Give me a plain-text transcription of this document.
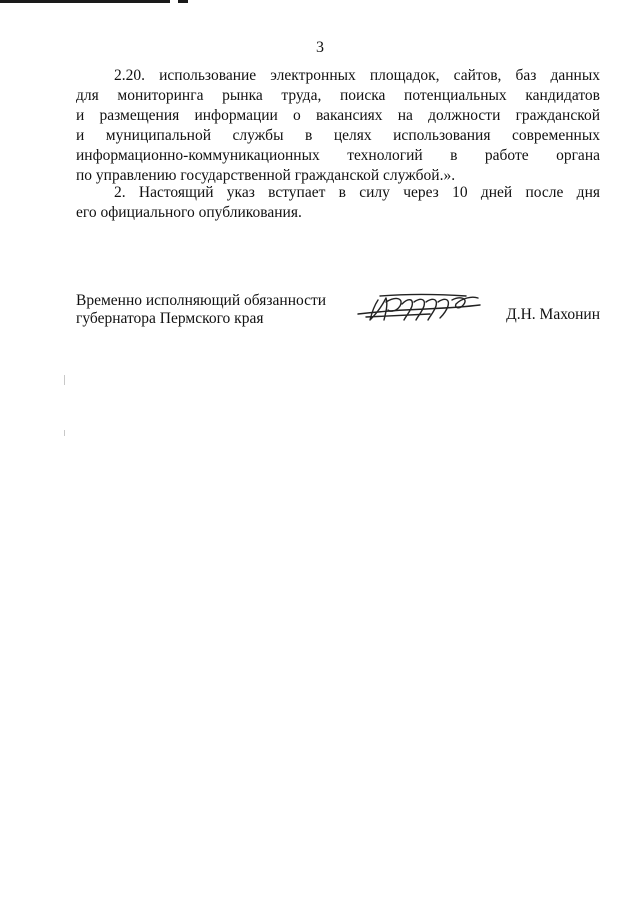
3
2.20. использование электронных площадок, сайтов, баз данных
для мониторинга рынка труда, поиска потенциальных кандидатов
и размещения информации о вакансиях на должности гражданской
и муниципальной службы в целях использования современных
информационно-коммуникационных технологий в работе органа
по управлению государственной гражданской службой.».
2. Настоящий указ вступает в силу через 10 дней после дня
его официального опубликования.
Временно исполняющий обязанности
губернатора Пермского края	Д.Н. Махонин
